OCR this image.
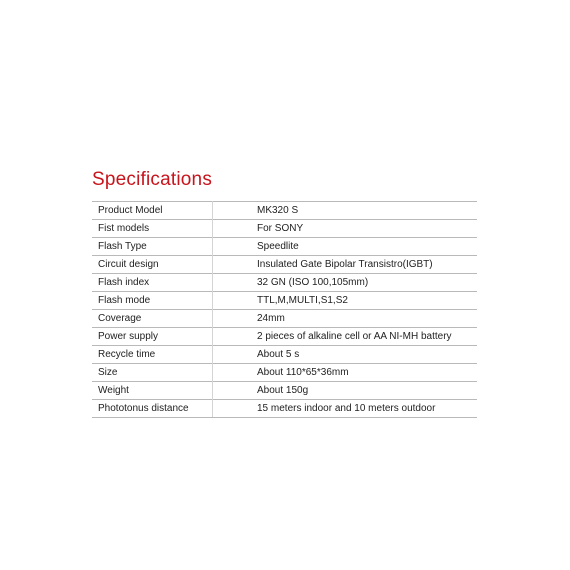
Specifications
Product Model	MK320 S
Fist models	For SONY
Flash Type	Speedlite
Circuit design	Insulated Gate Bipolar Transistro(IGBT)
Flash index	32 GN (ISO 100,105mm)
Flash mode	TTL,M,MULTI,S1,S2
Coverage	24mm
Power supply	2 pieces of alkaline cell or AA NI-MH battery
Recycle time	About 5 s
Size	About 110*65*36mm
Weight	About 150g
Phototonus distance	15 meters indoor and 10 meters outdoor
